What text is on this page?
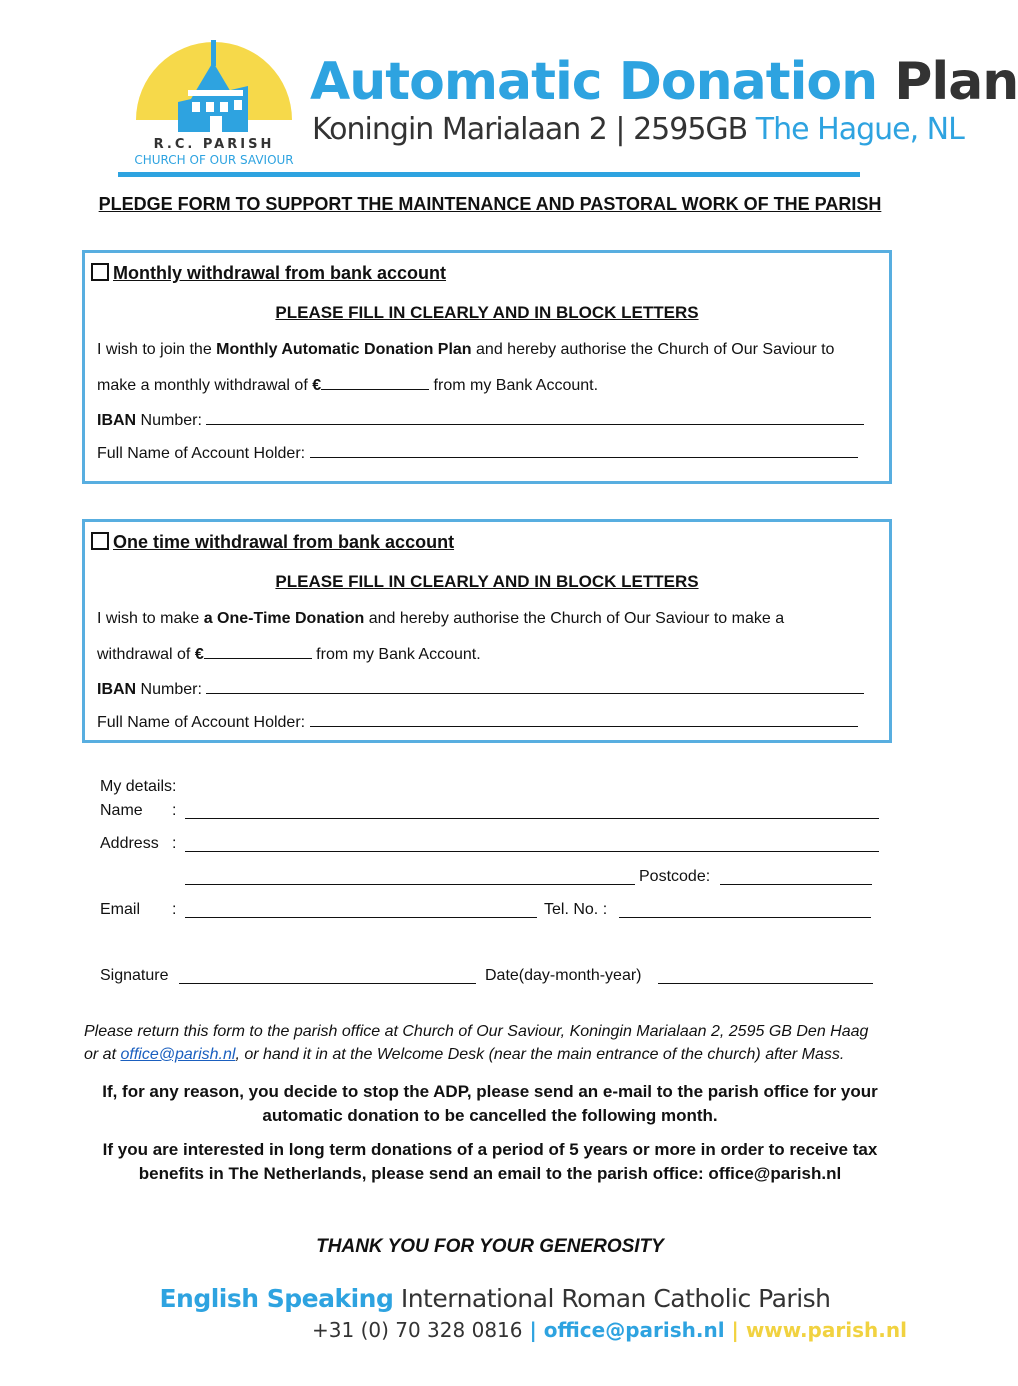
R.C. PARISH
CHURCH OF OUR SAVIOUR
Automatic Donation Plan
Koningin Marialaan 2 | 2595GB The Hague, NL
PLEDGE FORM TO SUPPORT THE MAINTENANCE AND PASTORAL WORK OF THE PARISH
Monthly withdrawal from bank account
PLEASE FILL IN CLEARLY AND IN BLOCK LETTERS
I wish to join the Monthly Automatic Donation Plan and hereby authorise the Church of Our Saviour to
make a monthly withdrawal of €	from my Bank Account.
IBAN Number:
Full Name of Account Holder:
One time withdrawal from bank account
PLEASE FILL IN CLEARLY AND IN BLOCK LETTERS
I wish to make a One-Time Donation and hereby authorise the Church of Our Saviour to make a
withdrawal of €	from my Bank Account.
IBAN Number:
Full Name of Account Holder:
My details:
Name :
Address :
Postcode:
Email :	Tel. No. :
Signature	Date(day-month-year)
Please return this form to the parish office at Church of Our Saviour, Koningin Marialaan 2, 2595 GB Den Haag
or at office@parish.nl, or hand it in at the Welcome Desk (near the main entrance of the church) after Mass.
If, for any reason, you decide to stop the ADP, please send an e-mail to the parish office for your automatic donation to be cancelled the following month.
If you are interested in long term donations of a period of 5 years or more in order to receive tax benefits in The Netherlands, please send an email to the parish office: office@parish.nl
THANK YOU FOR YOUR GENEROSITY
English Speaking International Roman Catholic Parish
+31 (0) 70 328 0816 | office@parish.nl | www.parish.nl
